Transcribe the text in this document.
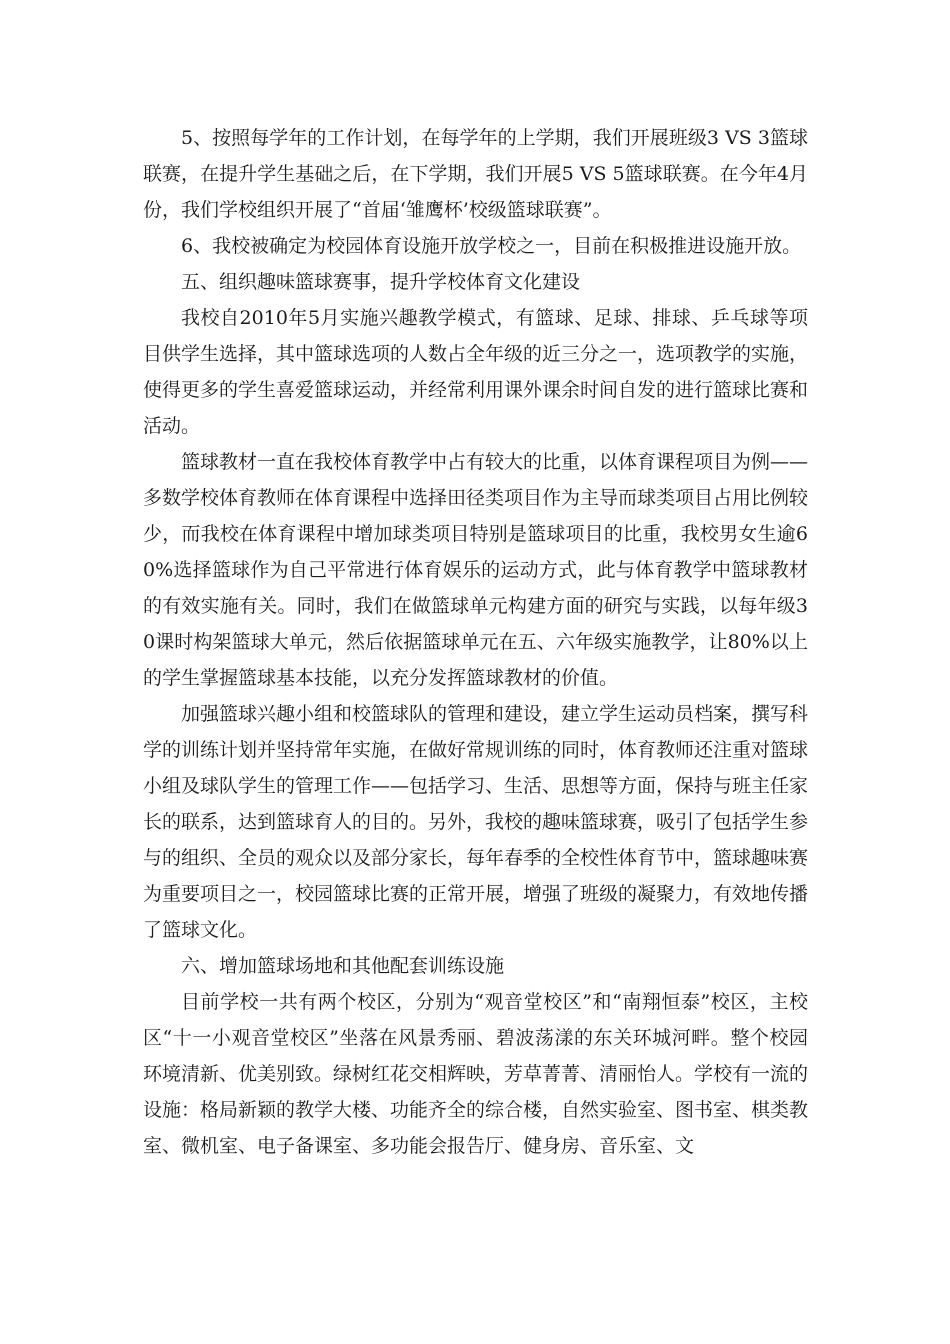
5、按照每学年的工作计划，在每学年的上学期，我们开展班级3 VS 3篮球联赛，在提升学生基础之后，在下学期，我们开展5 VS 5篮球联赛。在今年4月份，我们学校组织开展了“首届‘雏鹰杯’校级篮球联赛”。

6、我校被确定为校园体育设施开放学校之一，目前在积极推进设施开放。

五、组织趣味篮球赛事，提升学校体育文化建设

我校自2010年5月实施兴趣教学模式，有篮球、足球、排球、乒乓球等项目供学生选择，其中篮球选项的人数占全年级的近三分之一，选项教学的实施，使得更多的学生喜爱篮球运动，并经常利用课外课余时间自发的进行篮球比赛和活动。

篮球教材一直在我校体育教学中占有较大的比重，以体育课程项目为例——多数学校体育教师在体育课程中选择田径类项目作为主导而球类项目占用比例较少，而我校在体育课程中增加球类项目特别是篮球项目的比重，我校男女生逾60%选择篮球作为自己平常进行体育娱乐的运动方式，此与体育教学中篮球教材的有效实施有关。同时，我们在做篮球单元构建方面的研究与实践，以每年级30课时构架篮球大单元，然后依据篮球单元在五、六年级实施教学，让80%以上的学生掌握篮球基本技能，以充分发挥篮球教材的价值。

加强篮球兴趣小组和校篮球队的管理和建设，建立学生运动员档案，撰写科学的训练计划并坚持常年实施，在做好常规训练的同时，体育教师还注重对篮球小组及球队学生的管理工作——包括学习、生活、思想等方面，保持与班主任家长的联系，达到篮球育人的目的。另外，我校的趣味篮球赛，吸引了包括学生参与的组织、全员的观众以及部分家长，每年春季的全校性体育节中，篮球趣味赛为重要项目之一，校园篮球比赛的正常开展，增强了班级的凝聚力，有效地传播了篮球文化。

六、增加篮球场地和其他配套训练设施

目前学校一共有两个校区，分别为“观音堂校区”和“南翔恒泰”校区，主校区“十一小观音堂校区”坐落在风景秀丽、碧波荡漾的东关环城河畔。整个校园环境清新、优美别致。绿树红花交相辉映，芳草菁菁、清丽怡人。学校有一流的设施：格局新颖的教学大楼、功能齐全的综合楼，自然实验室、图书室、棋类教室、微机室、电子备课室、多功能会报告厅、健身房、音乐室、文
